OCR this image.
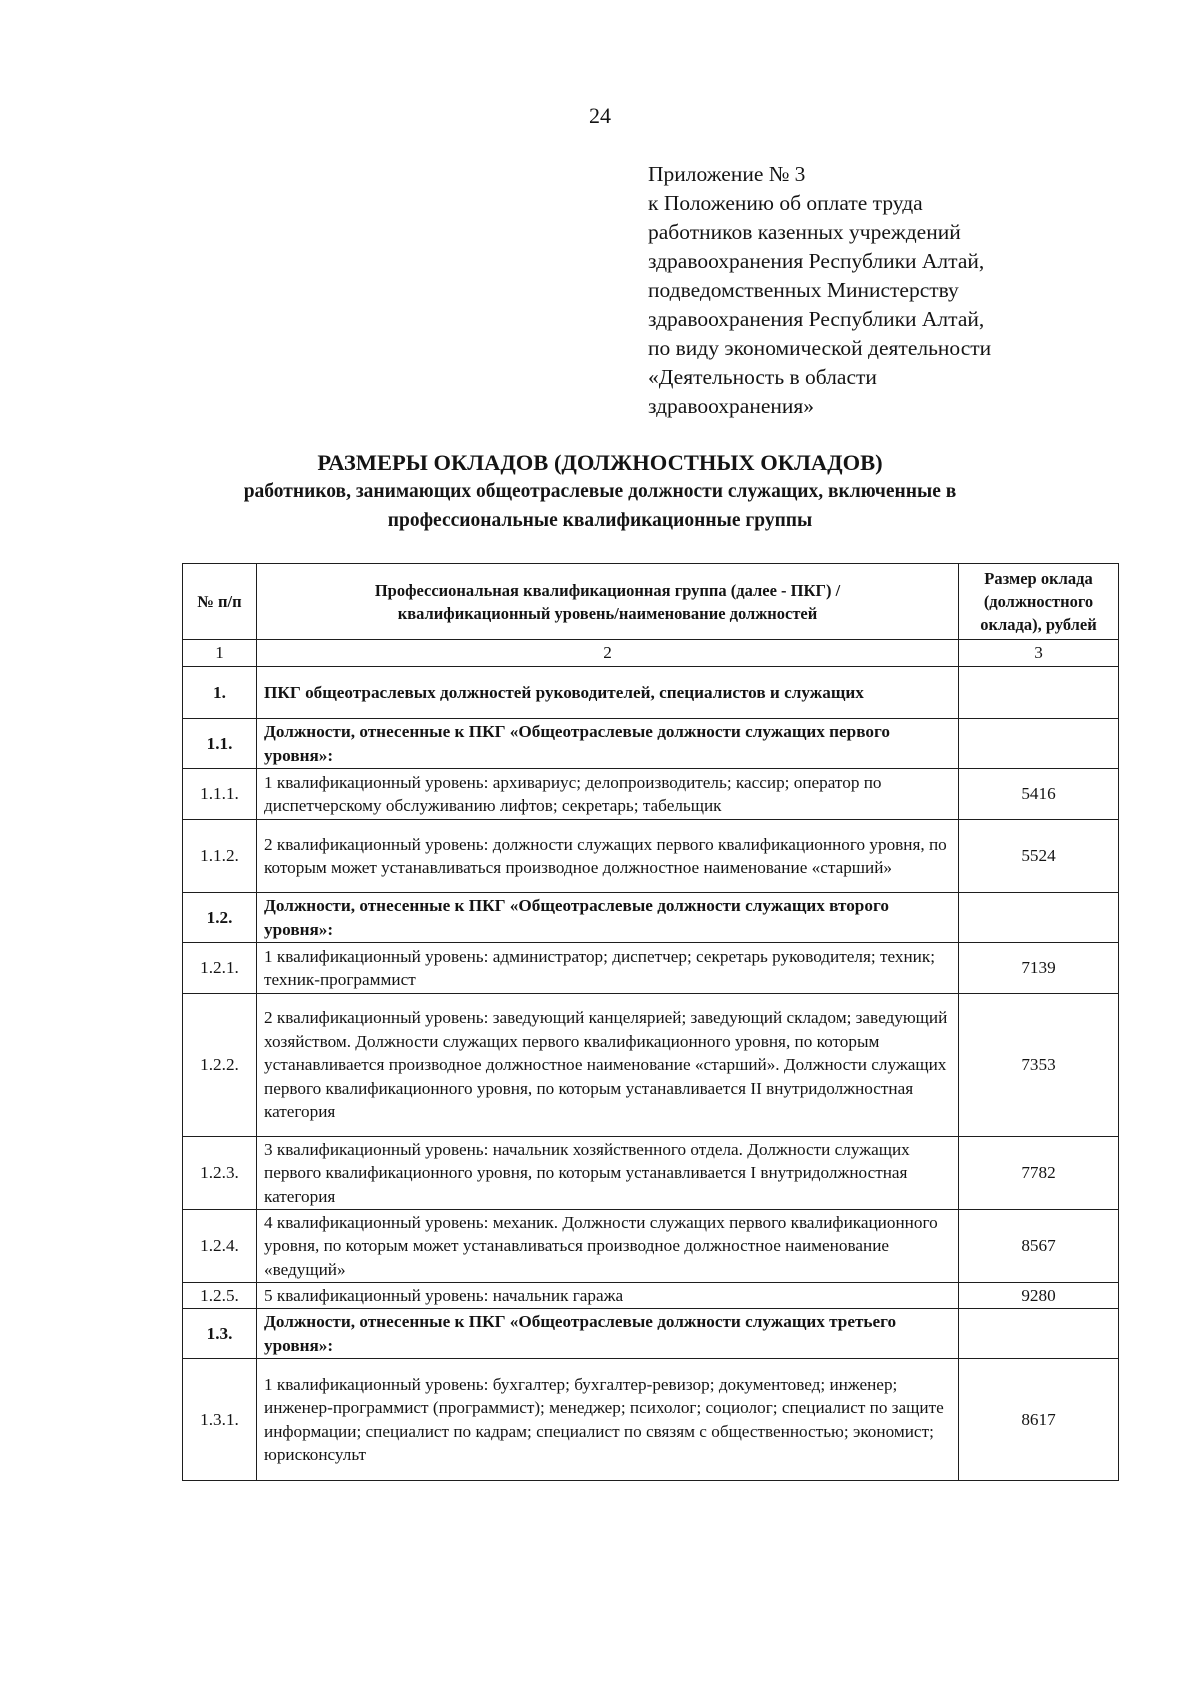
24
Приложение № 3
к Положению об оплате труда
работников казенных учреждений
здравоохранения Республики Алтай,
подведомственных Министерству
здравоохранения Республики Алтай,
по виду экономической деятельности
«Деятельность в области
здравоохранения»
РАЗМЕРЫ ОКЛАДОВ (ДОЛЖНОСТНЫХ ОКЛАДОВ)
работников, занимающих общеотраслевые должности служащих, включенные в
профессиональные квалификационные группы
№ п/п	Профессиональная квалификационная группа (далее - ПКГ) / квалификационный уровень/наименование должностей	Размер оклада (должностного оклада), рублей
1	2	3
1.	ПКГ общеотраслевых должностей руководителей, специалистов и служащих	
1.1.	Должности, отнесенные к ПКГ «Общеотраслевые должности служащих первого уровня»:	
1.1.1.	1 квалификационный уровень: архивариус; делопроизводитель; кассир; оператор по диспетчерскому обслуживанию лифтов; секретарь; табельщик	5416
1.1.2.	2 квалификационный уровень: должности служащих первого квалификационного уровня, по которым может устанавливаться производное должностное наименование «старший»	5524
1.2.	Должности, отнесенные к ПКГ «Общеотраслевые должности служащих второго уровня»:	
1.2.1.	1 квалификационный уровень: администратор; диспетчер; секретарь руководителя; техник; техник-программист	7139
1.2.2.	2 квалификационный уровень: заведующий канцелярией; заведующий складом; заведующий хозяйством. Должности служащих первого квалификационного уровня, по которым устанавливается производное должностное наименование «старший». Должности служащих первого квалификационного уровня, по которым устанавливается II внутридолжностная категория	7353
1.2.3.	3 квалификационный уровень: начальник хозяйственного отдела. Должности служащих первого квалификационного уровня, по которым устанавливается I внутридолжностная категория	7782
1.2.4.	4 квалификационный уровень: механик. Должности служащих первого квалификационного уровня, по которым может устанавливаться производное должностное наименование «ведущий»	8567
1.2.5.	5 квалификационный уровень: начальник гаража	9280
1.3.	Должности, отнесенные к ПКГ «Общеотраслевые должности служащих третьего уровня»:	
1.3.1.	1 квалификационный уровень: бухгалтер; бухгалтер-ревизор; документовед; инженер; инженер-программист (программист); менеджер; психолог; социолог; специалист по защите информации; специалист по кадрам; специалист по связям с общественностью; экономист; юрисконсульт	8617
